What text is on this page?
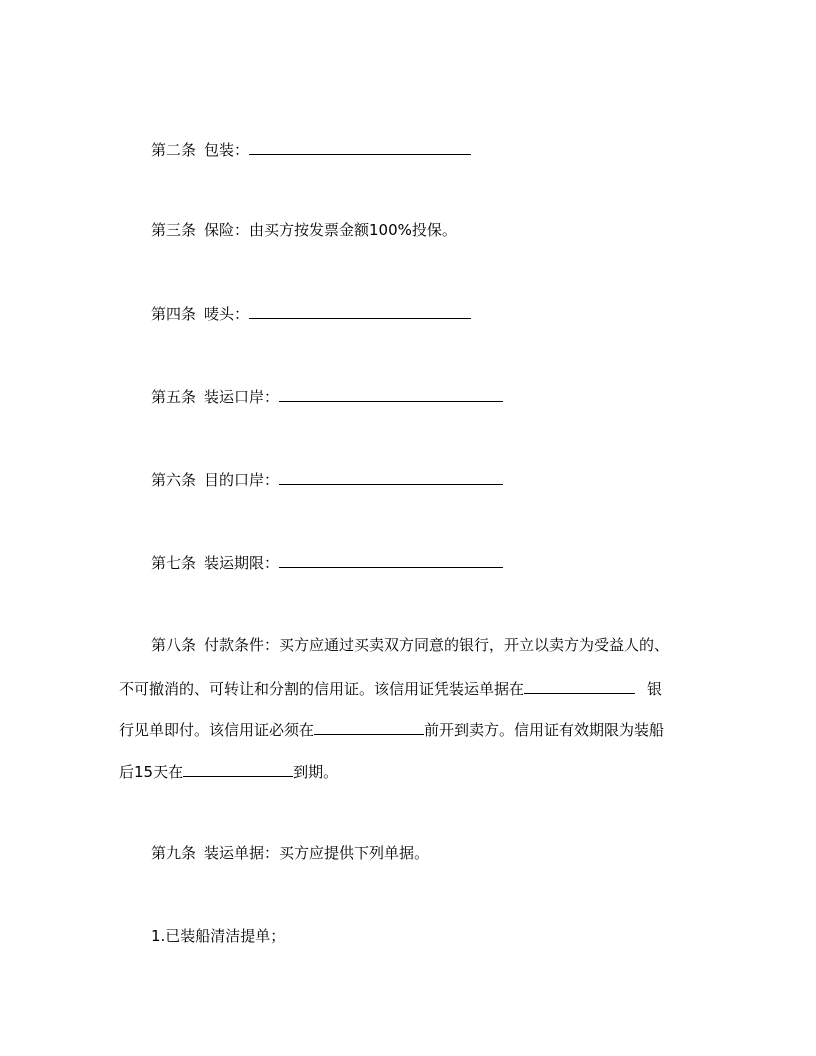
第二条 包装：
第三条 保险：由买方按发票金额100%投保。
第四条 唛头：
第五条 装运口岸：
第六条 目的口岸：
第七条 装运期限：
第八条 付款条件：买方应通过买卖双方同意的银行，开立以卖方为受益人的、
不可撤消的、可转让和分割的信用证。该信用证凭装运单据在	银
行见单即付。该信用证必须在	前开到卖方。信用证有效期限为装船
后15天在	到期。
第九条 装运单据：买方应提供下列单据。
1.已装船清洁提单；
